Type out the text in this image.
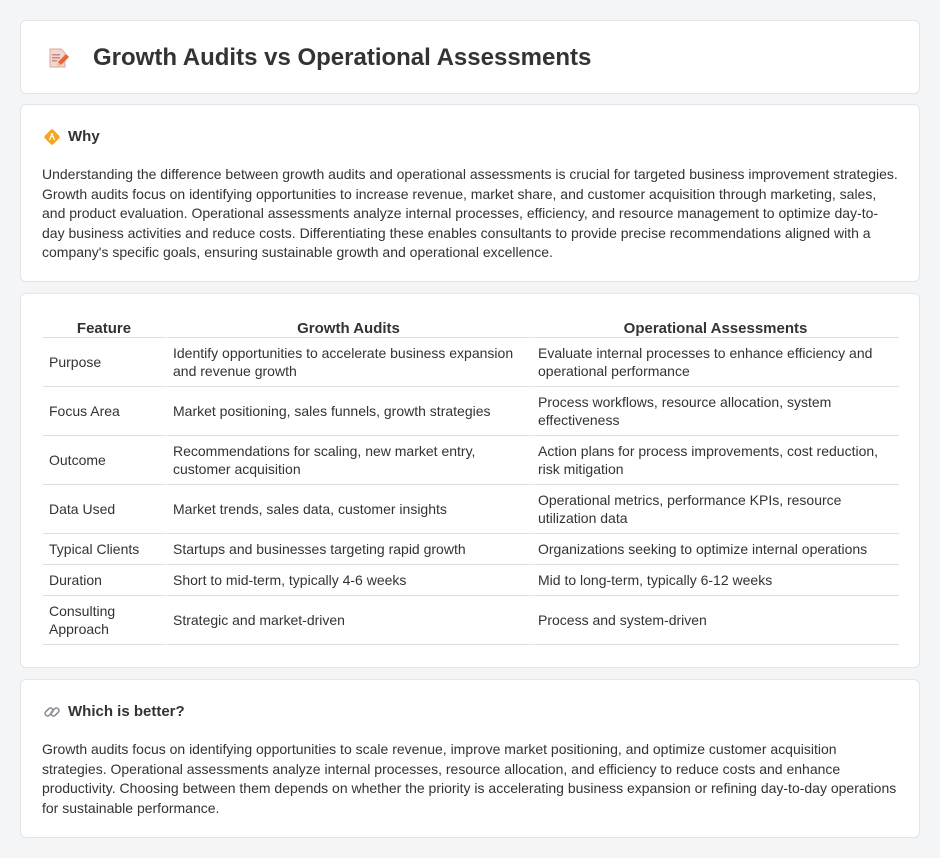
Growth Audits vs Operational Assessments
Why

Understanding the difference between growth audits and operational assessments is crucial for targeted business improvement strategies. Growth audits focus on identifying opportunities to increase revenue, market share, and customer acquisition through marketing, sales, and product evaluation. Operational assessments analyze internal processes, efficiency, and resource management to optimize day-to-day business activities and reduce costs. Differentiating these enables consultants to provide precise recommendations aligned with a company's specific goals, ensuring sustainable growth and operational excellence.

Feature	Growth Audits	Operational Assessments
Purpose	Identify opportunities to accelerate business expansion and revenue growth	Evaluate internal processes to enhance efficiency and operational performance
Focus Area	Market positioning, sales funnels, growth strategies	Process workflows, resource allocation, system effectiveness
Outcome	Recommendations for scaling, new market entry, customer acquisition	Action plans for process improvements, cost reduction, risk mitigation
Data Used	Market trends, sales data, customer insights	Operational metrics, performance KPIs, resource utilization data
Typical Clients	Startups and businesses targeting rapid growth	Organizations seeking to optimize internal operations
Duration	Short to mid-term, typically 4-6 weeks	Mid to long-term, typically 6-12 weeks
Consulting Approach	Strategic and market-driven	Process and system-driven
Which is better?

Growth audits focus on identifying opportunities to scale revenue, improve market positioning, and optimize customer acquisition strategies. Operational assessments analyze internal processes, resource allocation, and efficiency to reduce costs and enhance productivity. Choosing between them depends on whether the priority is accelerating business expansion or refining day-to-day operations for sustainable performance.
